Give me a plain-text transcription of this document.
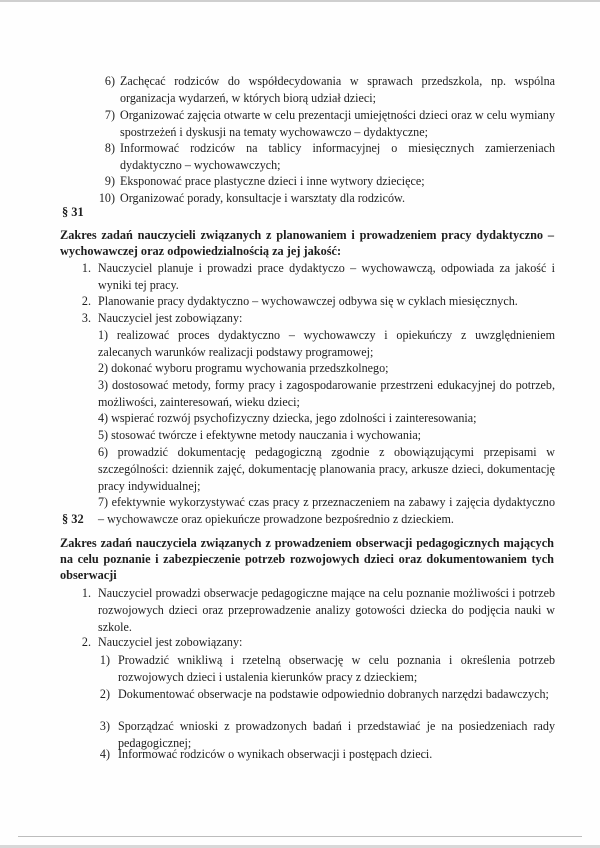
6) Zachęcać rodziców do współdecydowania w sprawach przedszkola, np. wspólna organizacja wydarzeń, w których biorą udział dzieci;
7) Organizować zajęcia otwarte w celu prezentacji umiejętności dzieci oraz w celu wymiany spostrzeżeń i dyskusji na tematy wychowawczo – dydaktyczne;
8) Informować rodziców na tablicy informacyjnej o miesięcznych zamierzeniach dydaktyczno – wychowawczych;
9) Eksponować prace plastyczne dzieci i inne wytwory dziecięce;
10) Organizować porady, konsultacje i warsztaty dla rodziców.
§ 31
Zakres zadań nauczycieli związanych z planowaniem i prowadzeniem pracy dydaktyczno – wychowawczej oraz odpowiedzialnością za jej jakość:
1. Nauczyciel planuje i prowadzi prace dydaktyczo – wychowawczą, odpowiada za jakość i wyniki tej pracy.
2. Planowanie pracy dydaktyczno – wychowawczej odbywa się w cyklach miesięcznych.
3. Nauczyciel jest zobowiązany:
1) realizować proces dydaktyczno – wychowawczy i opiekuńczy z uwzględnieniem zalecanych warunków realizacji podstawy programowej;
2) dokonać wyboru programu wychowania przedszkolnego;
3) dostosować metody, formy pracy i zagospodarowanie przestrzeni edukacyjnej do potrzeb, możliwości, zainteresowań, wieku dzieci;
4) wspierać rozwój psychofizyczny dziecka, jego zdolności i zainteresowania;
5) stosować twórcze i efektywne metody nauczania i wychowania;
6) prowadzić dokumentację pedagogiczną zgodnie z obowiązującymi przepisami w szczególności: dziennik zajęć, dokumentację planowania pracy, arkusze dzieci, dokumentację pracy indywidualnej;
7) efektywnie wykorzystywać czas pracy z przeznaczeniem na zabawy i zajęcia dydaktyczno – wychowawcze oraz opiekuńcze prowadzone bezpośrednio z dzieckiem.
§ 32
Zakres zadań nauczyciela związanych z prowadzeniem obserwacji pedagogicznych mających na celu poznanie i zabezpieczenie potrzeb rozwojowych dzieci oraz dokumentowaniem tych obserwacji
1. Nauczyciel prowadzi obserwacje pedagogiczne mające na celu poznanie możliwości i potrzeb rozwojowych dzieci oraz przeprowadzenie analizy gotowości dziecka do podjęcia nauki w szkole.
2. Nauczyciel jest zobowiązany:
1) Prowadzić wnikliwą i rzetelną obserwację w celu poznania i określenia potrzeb rozwojowych dzieci i ustalenia kierunków pracy z dzieckiem;
2) Dokumentować obserwacje na podstawie odpowiednio dobranych narzędzi badawczych;
3) Sporządzać wnioski z prowadzonych badań i przedstawiać je na posiedzeniach rady pedagogicznej;
4) Informować rodziców o wynikach obserwacji i postępach dzieci.
